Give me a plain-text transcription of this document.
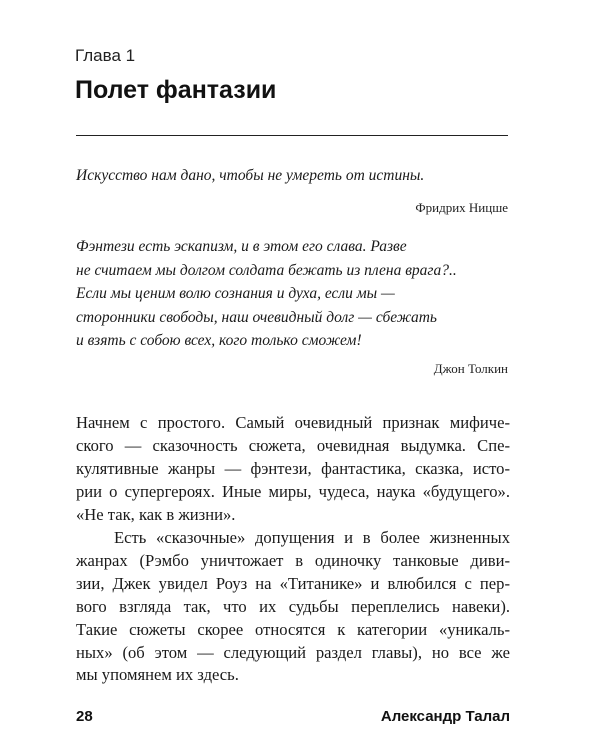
Глава 1
Полет фантазии
Искусство нам дано, чтобы не умереть от истины.
Фридрих Ницше
Фэнтези есть эскапизм, и в этом его слава. Разве
не считаем мы долгом солдата бежать из плена врага?..
Если мы ценим волю сознания и духа, если мы —
сторонники свободы, наш очевидный долг — сбежать
и взять с собою всех, кого только сможем!
Джон Толкин
Начнем с простого. Самый очевидный признак мифиче-
ского — сказочность сюжета, очевидная выдумка. Спе-
кулятивные жанры — фэнтези, фантастика, сказка, исто-
рии о супергероях. Иные миры, чудеса, наука «будущего».
«Не так, как в жизни».
Есть «сказочные» допущения и в более жизненных
жанрах (Рэмбо уничтожает в одиночку танковые диви-
зии, Джек увидел Роуз на «Титанике» и влюбился с пер-
вого взгляда так, что их судьбы переплелись навеки).
Такие сюжеты скорее относятся к категории «уникаль-
ных» (об этом — следующий раздел главы), но все же
мы упомянем их здесь.
28	Александр Талал
